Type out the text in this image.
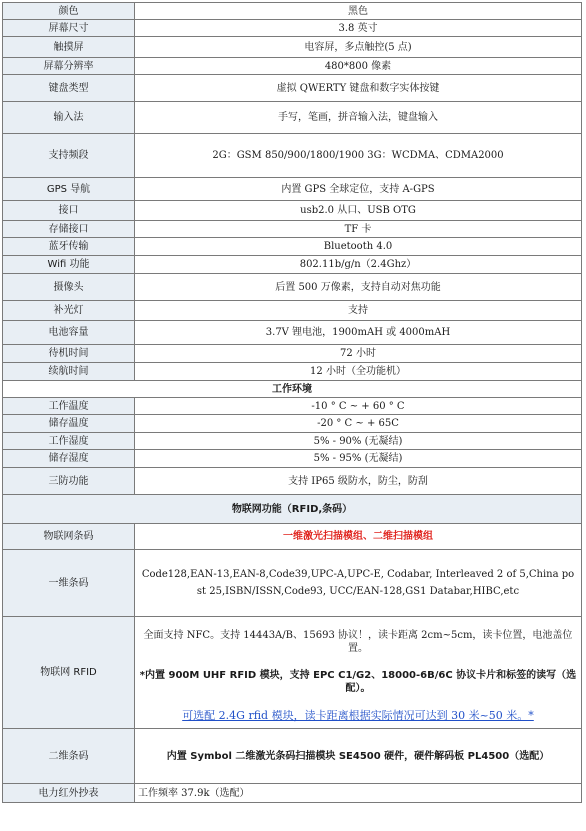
颜色	黑色
屏幕尺寸	3.8 英寸
触摸屏	电容屏，多点触控(5 点)
屏幕分辨率	480*800 像素
键盘类型	虚拟 QWERTY 键盘和数字实体按键
输入法	手写，笔画，拼音输入法，键盘输入
支持频段	2G：GSM 850/900/1800/1900 3G：WCDMA、CDMA2000
GPS 导航	内置 GPS 全球定位，支持 A-GPS
接口	usb2.0 从口、USB OTG
存储接口	TF 卡
蓝牙传输	Bluetooth 4.0
Wifi 功能	802.11b/g/n（2.4Ghz）
摄像头	后置 500 万像素，支持自动对焦功能
补光灯	支持
电池容量	3.7V 锂电池，1900mAH 或 4000mAH
待机时间	72 小时
续航时间	12 小时（全功能机）
工作环境	
工作温度	-10 ° C ~ + 60 ° C
储存温度	-20 ° C ~ + 65C
工作湿度	5% - 90% (无凝结)
储存湿度	5% - 95% (无凝结)
三防功能	支持 IP65 级防水，防尘，防刮
物联网功能（RFID,条码）	
物联网条码	一维激光扫描模组、二维扫描模组
一维条码	Code128,EAN-13,EAN-8,Code39,UPC-A,UPC-E, Codabar, Interleaved 2 of 5,China post 25,ISBN/ISSN,Code93, UCC/EAN-128,GS1 Databar,HIBC,etc
物联网 RFID	全面支持 NFC。支持 14443A/B、15693 协议！，读卡距离 2cm~5cm，读卡位置，电池盖位置。
*内置 900M UHF RFID 模块，支持 EPC C1/G2、18000-6B/6C 协议卡片和标签的读写（选配）。
可选配 2.4G rfid 模块，读卡距离根据实际情况可达到 30 米~50 米。*

二维条码	内置 Symbol 二维激光条码扫描模块 SE4500 硬件，硬件解码板 PL4500（选配）
电力红外抄表	工作频率 37.9k（选配）
